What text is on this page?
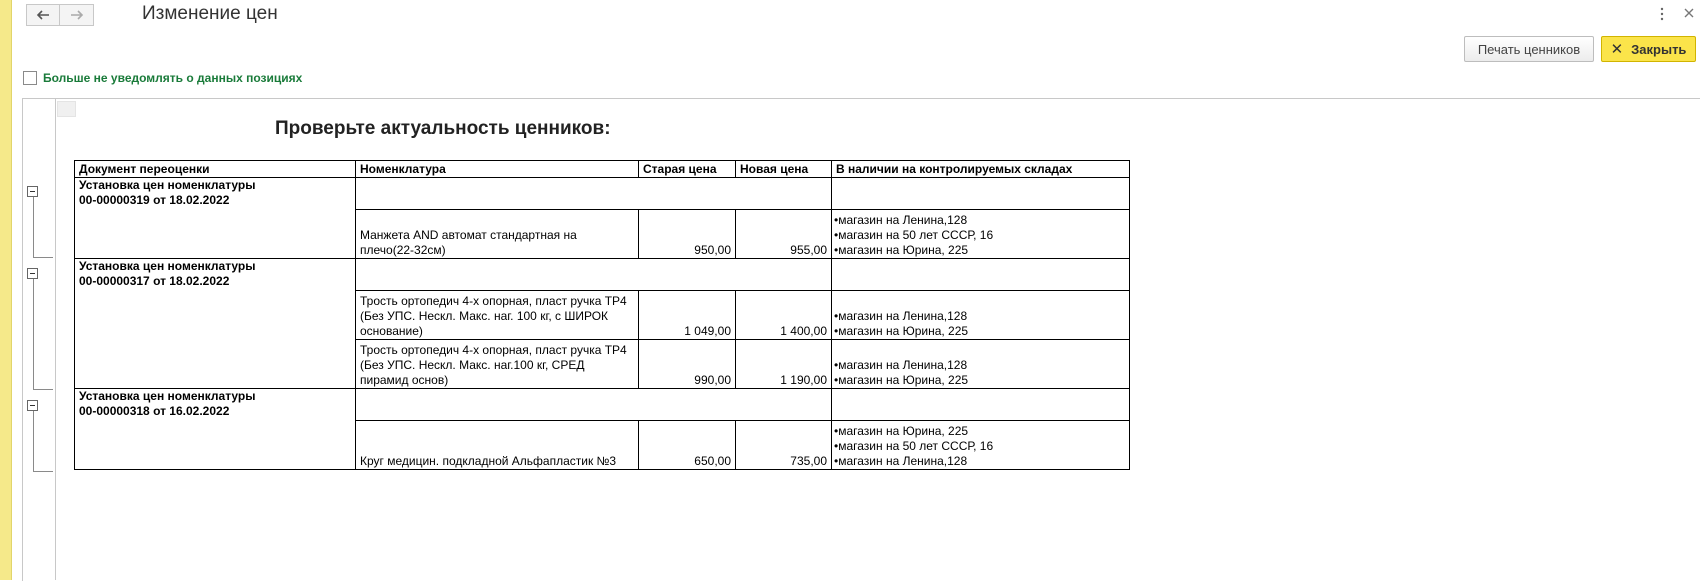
Изменение цен
Печать ценников ✕ Закрыть
Больше не уведомлять о данных позициях
Проверьте актуальность ценников:
Документ переоценки	Номенклатура	Старая цена	Новая цена	В наличии на контролируемых складах

Установка цен номенклатуры
00-00000319 от 18.02.2022				

	Манжета AND автомат стандартная на плечо(22-32см)	950,00	955,00	•магазин на Ленина,128
•магазин на 50 лет СССР, 16
•магазин на Юрина, 225

Установка цен номенклатуры
00-00000317 от 18.02.2022				

	Трость ортопедич 4-х опорная, пласт ручка ТР4 (Без УПС. Нескл. Макс. наг. 100 кг, с ШИРОК основание)	1 049,00	1 400,00	•магазин на Ленина,128
•магазин на Юрина, 225

	Трость ортопедич 4-х опорная, пласт ручка ТР4 (Без УПС. Нескл. Макс. наг.100 кг, СРЕД пирамид основ)	990,00	1 190,00	•магазин на Ленина,128
•магазин на Юрина, 225

Установка цен номенклатуры
00-00000318 от 16.02.2022				

	Круг медицин. подкладной Альфапластик №3	650,00	735,00	•магазин на Юрина, 225
•магазин на 50 лет СССР, 16
•магазин на Ленина,128
